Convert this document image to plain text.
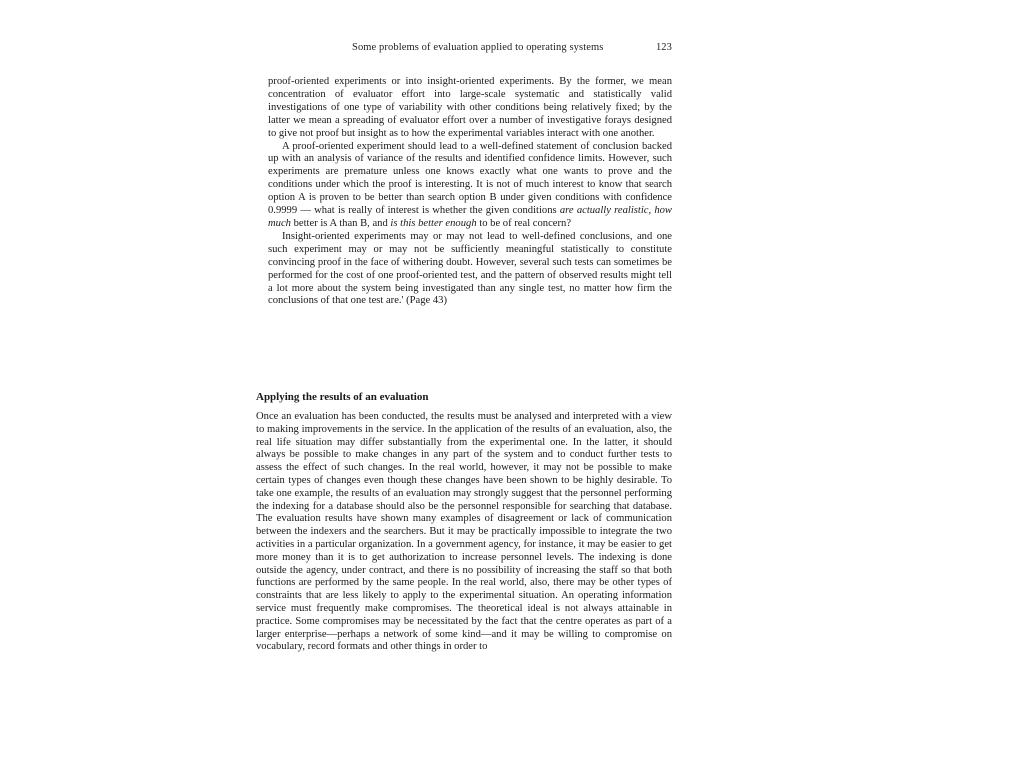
Some problems of evaluation applied to operating systems	123

proof-oriented experiments or into insight-oriented experiments. By the former, we mean concentration of evaluator effort into large-scale systematic and statistically valid investigations of one type of variability with other conditions being relatively fixed; by the latter we mean a spreading of evaluator effort over a number of investigative forays designed to give not proof but insight as to how the experimental variables interact with one another.

A proof-oriented experiment should lead to a well-defined statement of conclusion backed up with an analysis of variance of the results and identified confidence limits. However, such experiments are premature unless one knows exactly what one wants to prove and the conditions under which the proof is interesting. It is not of much interest to know that search option A is proven to be better than search option B under given conditions with confidence 0.9999 — what is really of interest is whether the given conditions are actually realistic, how much better is A than B, and is this better enough to be of real concern?

Insight-oriented experiments may or may not lead to well-defined conclusions, and one such experiment may or may not be sufficiently meaningful statistically to constitute convincing proof in the face of withering doubt. However, several such tests can sometimes be performed for the cost of one proof-oriented test, and the pattern of observed results might tell a lot more about the system being investigated than any single test, no matter how firm the conclusions of that one test are.' (Page 43)

Applying the results of an evaluation

Once an evaluation has been conducted, the results must be analysed and interpreted with a view to making improvements in the service. In the application of the results of an evaluation, also, the real life situation may differ substantially from the experimental one. In the latter, it should always be possible to make changes in any part of the system and to conduct further tests to assess the effect of such changes. In the real world, however, it may not be possible to make certain types of changes even though these changes have been shown to be highly desirable. To take one example, the results of an evaluation may strongly suggest that the personnel performing the indexing for a database should also be the personnel responsible for searching that database. The evaluation results have shown many examples of disagreement or lack of communication between the indexers and the searchers. But it may be practically impossible to integrate the two activities in a particular organization. In a government agency, for instance, it may be easier to get more money than it is to get authorization to increase personnel levels. The indexing is done outside the agency, under contract, and there is no possibility of increasing the staff so that both functions are performed by the same people. In the real world, also, there may be other types of constraints that are less likely to apply to the experimental situation. An operating information service must frequently make compromises. The theoretical ideal is not always attainable in practice. Some compromises may be necessitated by the fact that the centre operates as part of a larger enterprise—perhaps a network of some kind—and it may be willing to compromise on vocabulary, record formats and other things in order to
